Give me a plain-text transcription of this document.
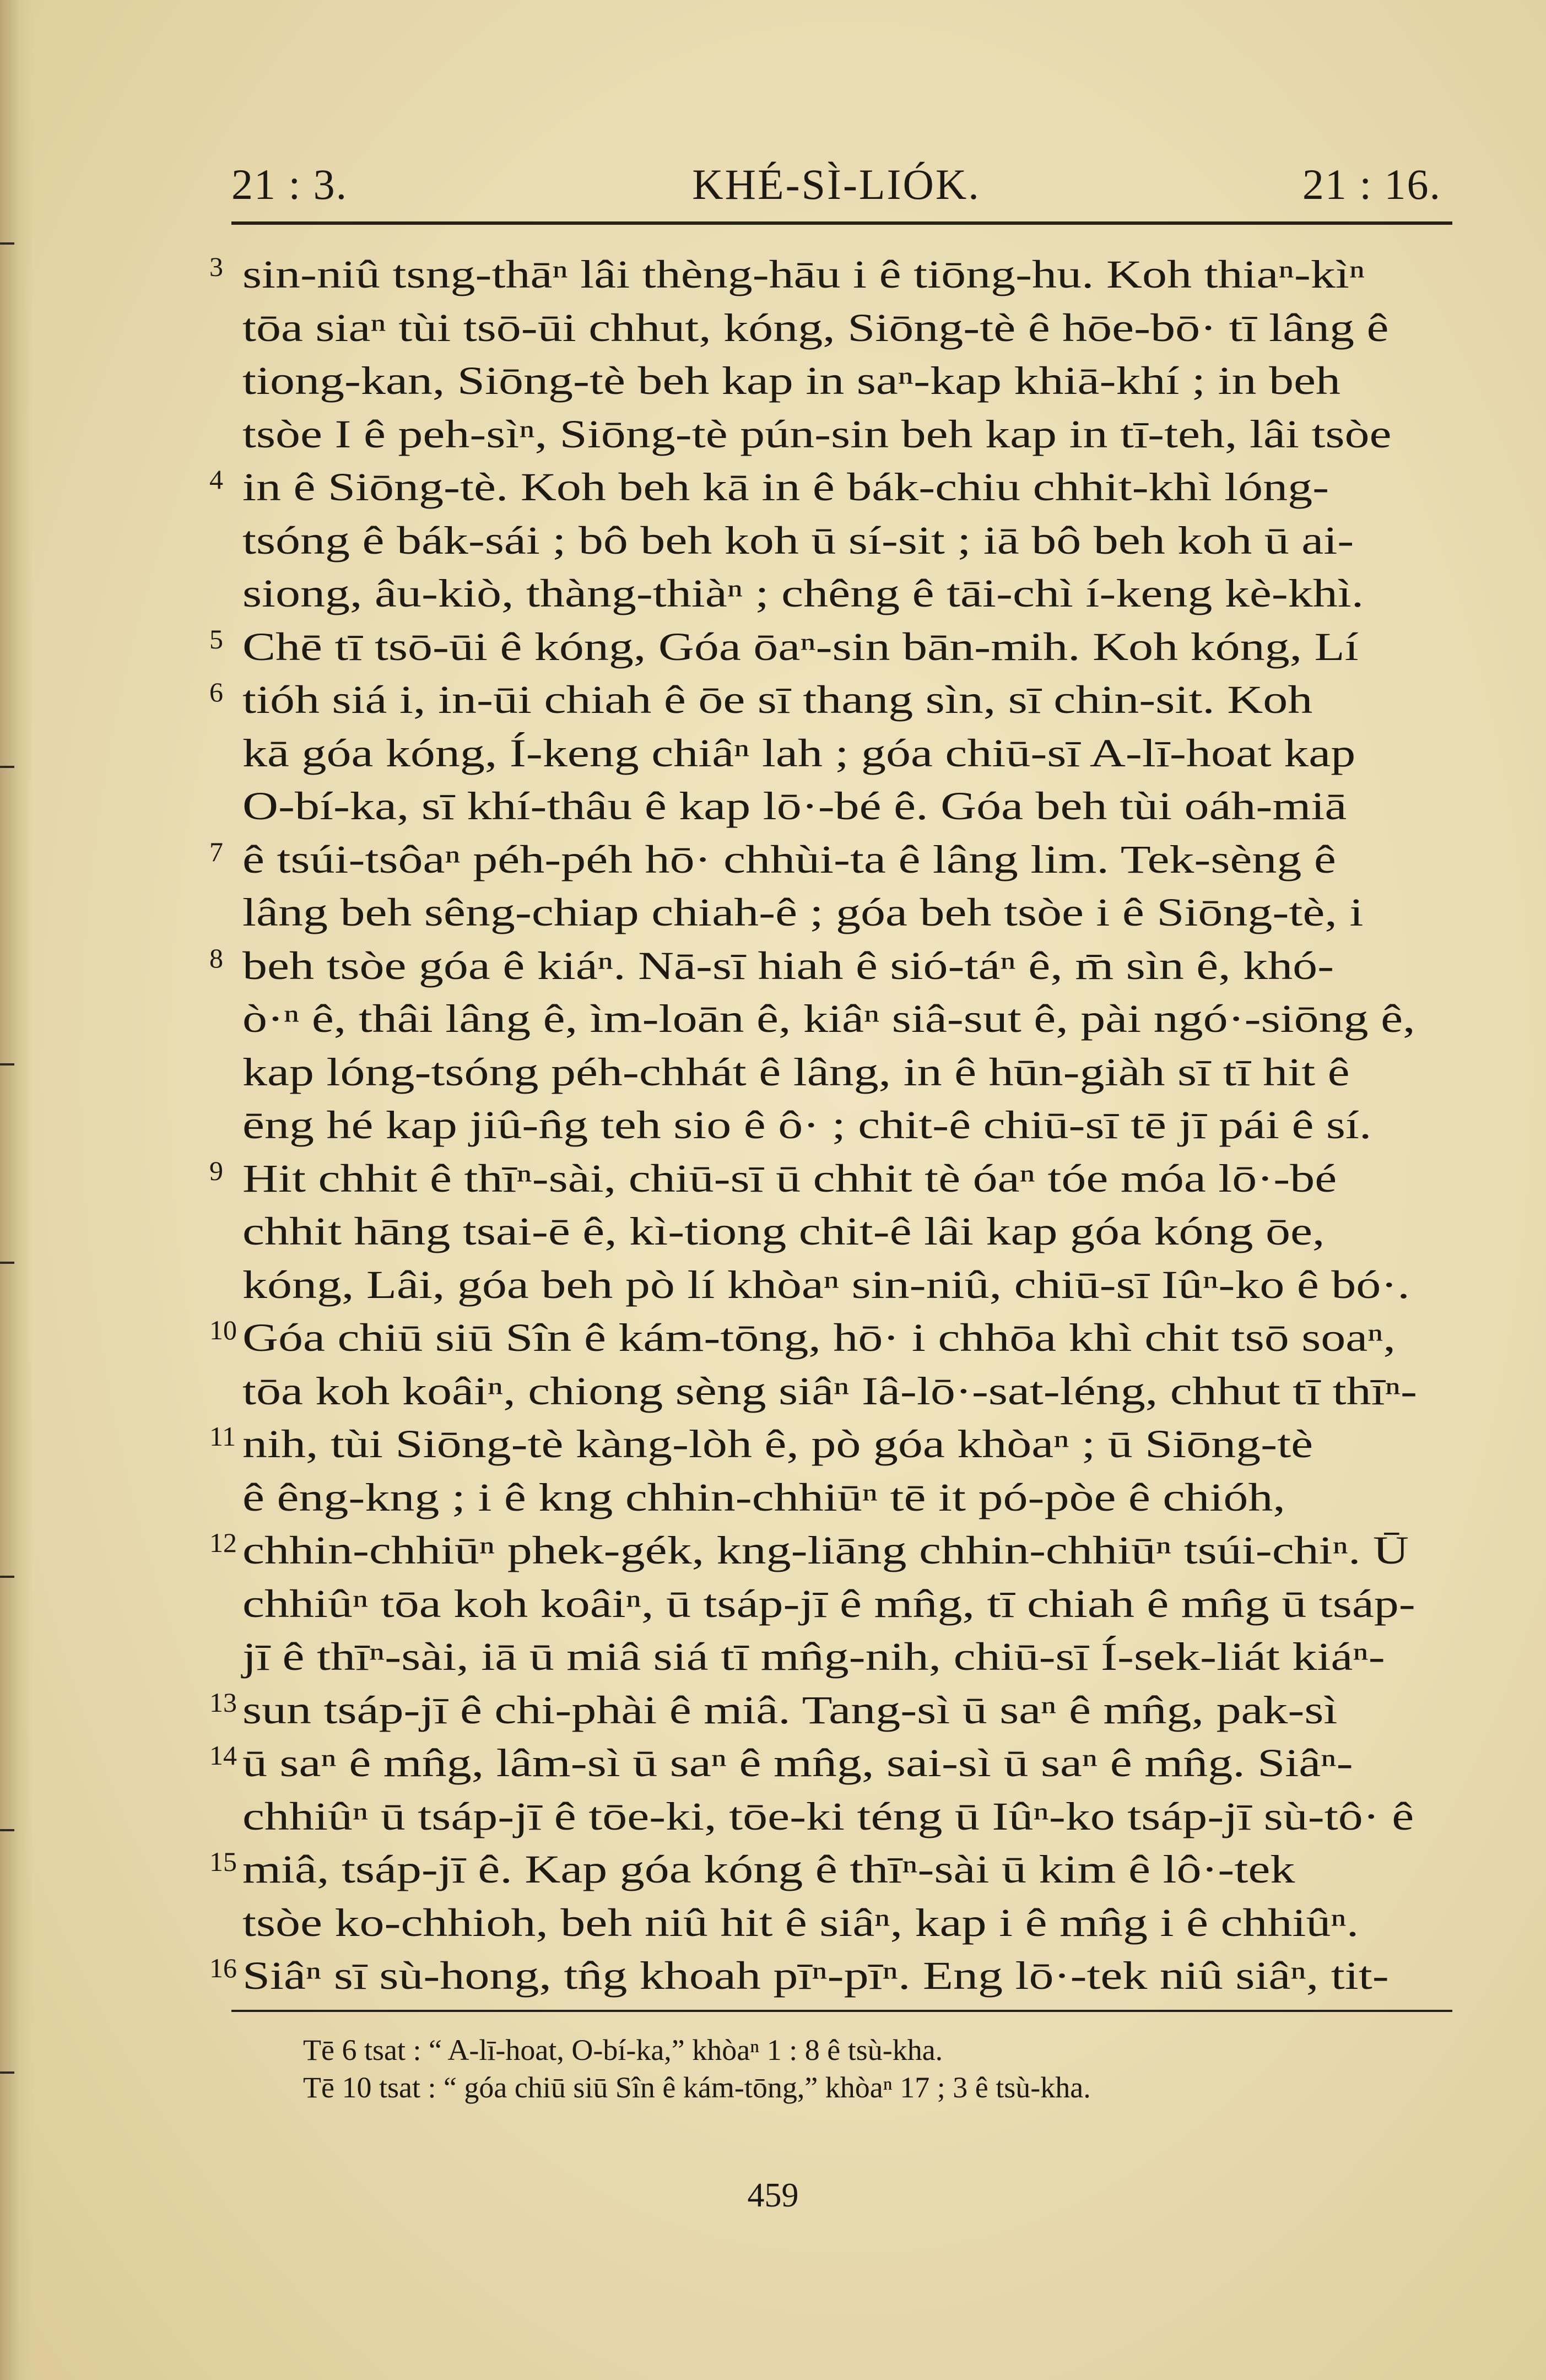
21 : 3.	KHÉ-SÌ-LIÓK.	21 : 16.
3 sin-niû tsng-thāⁿ lâi thèng-hāu i ê tiōng-hu. Koh thiaⁿ-kìⁿ
tōa siaⁿ tùi tsō-ūi chhut, kóng, Siōng-tè ê hōe-bō· tī lâng ê
tiong-kan, Siōng-tè beh kap in saⁿ-kap khiā-khí ; in beh
tsòe I ê peh-sìⁿ, Siōng-tè pún-sin beh kap in tī-teh, lâi tsòe
4 in ê Siōng-tè. Koh beh kā in ê bák-chiu chhit-khì lóng-
tsóng ê bák-sái ; bô beh koh ū sí-sit ; iā bô beh koh ū ai-
siong, âu-kiò, thàng-thiàⁿ ; chêng ê tāi-chì í-keng kè-khì.
5 Chē tī tsō-ūi ê kóng, Góa ōaⁿ-sin bān-mih. Koh kóng, Lí
6 tióh siá i, in-ūi chiah ê ōe sī thang sìn, sī chin-sit. Koh
kā góa kóng, Í-keng chiâⁿ lah ; góa chiū-sī A-lī-hoat kap
O-bí-ka, sī khí-thâu ê kap lō·-bé ê. Góa beh tùi oáh-miā
7 ê tsúi-tsôaⁿ péh-péh hō· chhùi-ta ê lâng lim. Tek-sèng ê
lâng beh sêng-chiap chiah-ê ; góa beh tsòe i ê Siōng-tè, i
8 beh tsòe góa ê kiáⁿ. Nā-sī hiah ê sió-táⁿ ê, m̄ sìn ê, khó-
ò·ⁿ ê, thâi lâng ê, ìm-loān ê, kiâⁿ siâ-sut ê, pài ngó·-siōng ê,
kap lóng-tsóng péh-chhát ê lâng, in ê hūn-giàh sī tī hit ê
ēng hé kap jiû-n̂g teh sio ê ô· ; chit-ê chiū-sī tē jī pái ê sí.
9 Hit chhit ê thīⁿ-sài, chiū-sī ū chhit tè óaⁿ tóe móa lō·-bé
chhit hāng tsai-ē ê, kì-tiong chit-ê lâi kap góa kóng ōe,
kóng, Lâi, góa beh pò lí khòaⁿ sin-niû, chiū-sī Iûⁿ-ko ê bó·.
10 Góa chiū siū Sîn ê kám-tōng, hō· i chhōa khì chit tsō soaⁿ,
tōa koh koâiⁿ, chiong sèng siâⁿ Iâ-lō·-sat-léng, chhut tī thīⁿ-
11 nih, tùi Siōng-tè kàng-lòh ê, pò góa khòaⁿ ; ū Siōng-tè
ê êng-kng ; i ê kng chhin-chhiūⁿ tē it pó-pòe ê chióh,
12 chhin-chhiūⁿ phek-gék, kng-liāng chhin-chhiūⁿ tsúi-chiⁿ. Ū
chhiûⁿ tōa koh koâiⁿ, ū tsáp-jī ê mn̂g, tī chiah ê mn̂g ū tsáp-
jī ê thīⁿ-sài, iā ū miâ siá tī mn̂g-nih, chiū-sī Í-sek-liát kiáⁿ-
13 sun tsáp-jī ê chi-phài ê miâ. Tang-sì ū saⁿ ê mn̂g, pak-sì
14 ū saⁿ ê mn̂g, lâm-sì ū saⁿ ê mn̂g, sai-sì ū saⁿ ê mn̂g. Siâⁿ-
chhiûⁿ ū tsáp-jī ê tōe-ki, tōe-ki téng ū Iûⁿ-ko tsáp-jī sù-tô· ê
15 miâ, tsáp-jī ê. Kap góa kóng ê thīⁿ-sài ū kim ê lô·-tek
tsòe ko-chhioh, beh niû hit ê siâⁿ, kap i ê mn̂g i ê chhiûⁿ.
16 Siâⁿ sī sù-hong, tn̂g khoah pīⁿ-pīⁿ. Eng lō·-tek niû siâⁿ, tit-
Tē 6 tsat : “ A-lī-hoat, O-bí-ka,” khòaⁿ 1 : 8 ê tsù-kha.
Tē 10 tsat : “ góa chiū siū Sîn ê kám-tōng,” khòaⁿ 17 ; 3 ê tsù-kha.
459
